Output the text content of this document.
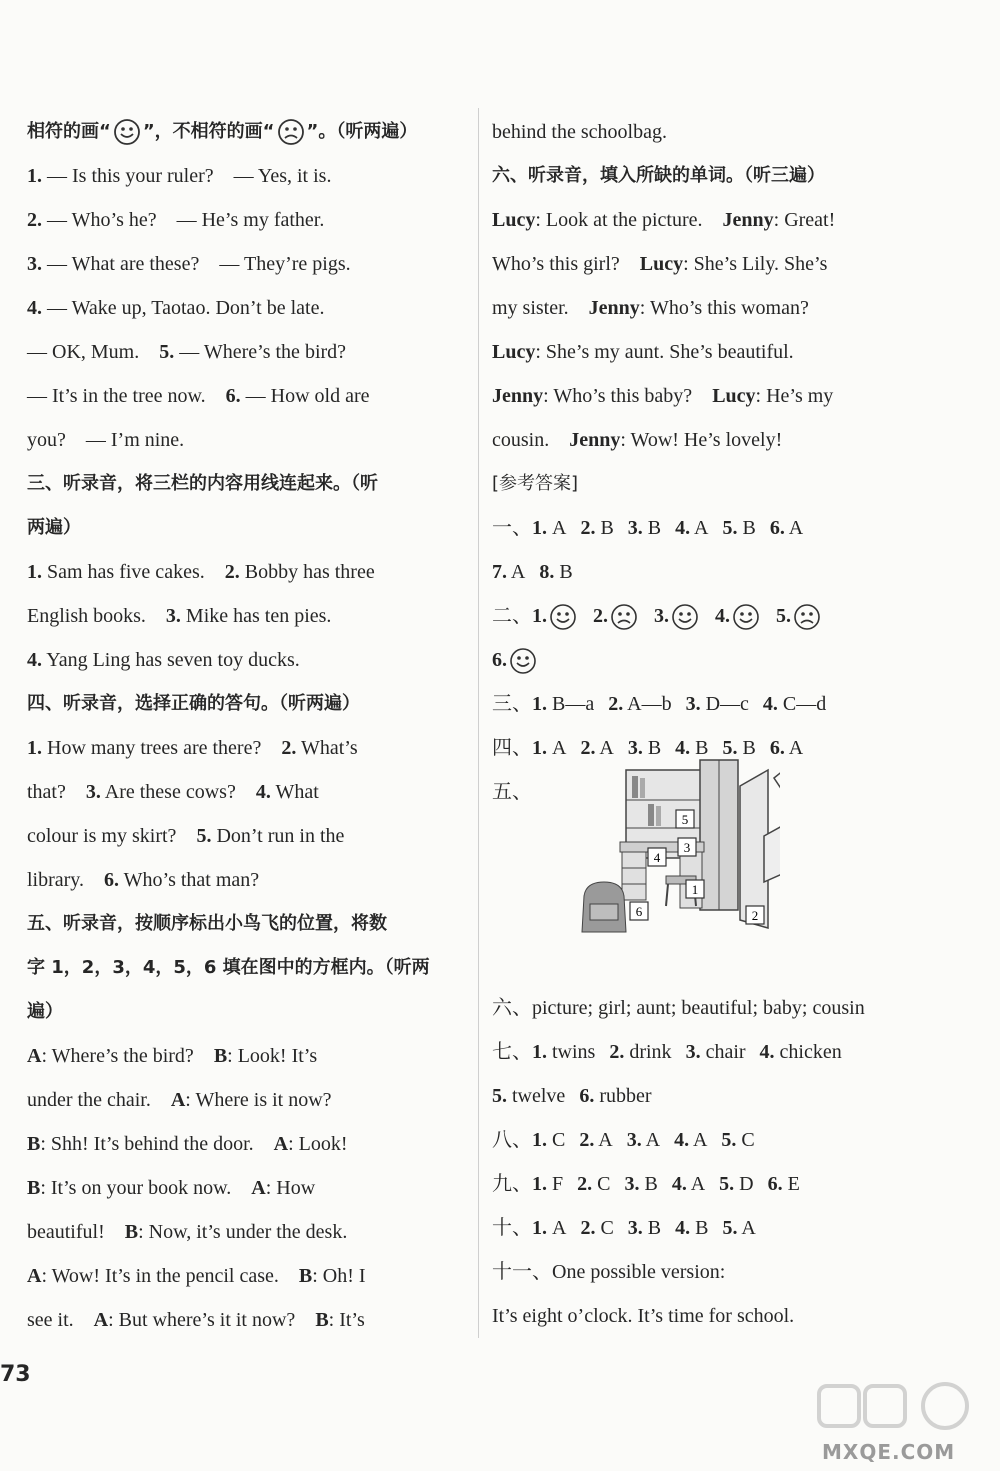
相符的画“ ”，不相符的画“ ”。（听两遍）
1. — Is this your ruler?　— Yes, it is.
2. — Who’s he?　— He’s my father.
3. — What are these?　— They’re pigs.
4. — Wake up, Taotao. Don’t be late.
— OK, Mum.　5. — Where’s the bird?
— It’s in the tree now.　6. — How old are
you?　— I’m nine.
三、听录音，将三栏的内容用线连起来。（听
两遍）
1. Sam has five cakes.　2. Bobby has three
English books.　3. Mike has ten pies.
4. Yang Ling has seven toy ducks.
四、听录音，选择正确的答句。（听两遍）
1. How many trees are there?　2. What’s
that?　3. Are these cows?　4. What
colour is my skirt?　5. Don’t run in the
library.　6. Who’s that man?
五、听录音，按顺序标出小鸟飞的位置，将数
字 1，2，3，4，5，6 填在图中的方框内。（听两
遍）
A: Where’s the bird?　B: Look! It’s
under the chair.　A: Where is it now?
B: Shh! It’s behind the door.　A: Look!
B: It’s on your book now.　A: How
beautiful!　B: Now, it’s under the desk.
A: Wow! It’s in the pencil case.　B: Oh! I
see it.　A: But where’s it it now?　B: It’s
behind the schoolbag.
六、听录音，填入所缺的单词。（听三遍）
Lucy: Look at the picture.　Jenny: Great!
Who’s this girl?　Lucy: She’s Lily. She’s
my sister.　Jenny: Who’s this woman?
Lucy: She’s my aunt. She’s beautiful.
Jenny: Who’s this baby?　Lucy: He’s my
cousin.　Jenny: Wow! He’s lovely!
[参考答案]
一、1. A 2. B 3. B 4. A 5. B 6. A
7. A 8. B
二、1. 2. 3. 4. 5.
6.
三、1. B—a 2. A—b 3. D—c 4. C—d
四、1. A 2. A 3. B 4. B 5. B 6. A
五、
5
3
4
1
6	2
六、picture; girl; aunt; beautiful; baby; cousin
七、1. twins 2. drink 3. chair 4. chicken
5. twelve 6. rubber
八、1. C 2. A 3. A 4. A 5. C
九、1. F 2. C 3. B 4. A 5. D 6. E
十、1. A 2. C 3. B 4. B 5. A
十一、One possible version:
It’s eight o’clock. It’s time for school.
73
MXQE.COM
